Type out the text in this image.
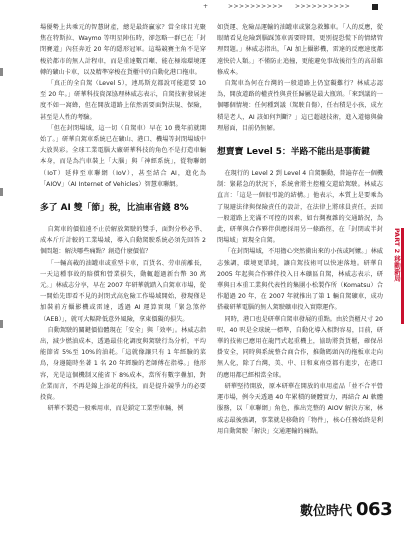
+	>>>>>>>>>> >>>>>>>>>>

場優勢上共乘元的智慧財產，總是最終贏家？當全球目光聚焦在特斯拉、Waymo 等明星陣伍時，卻忽略一群已在「封閉賽道」內狂奔近 20 年的隱形冠軍。這場競賽主角不是穿梭於都市的無人計程車，而是重達數百噸、能在極端環境運轉的礦山卡車，以及精準穿梭在貨櫃中的自動化港口拖車。

「真正的全自駕（Level 5），連馬斯克都說可能還要 10 至 20 年。」研華科技資深協理林威志表示，自駕技術發展速度不如一窩蜂，但在開放道路上依然需要面對法規、保險，甚至是人性的考驗。

「但在封閉場域，這一切（自駕車）早在 10 幾年前就開始了。」研華自駕車系統已在礦山、港口、機場等封閉場域中大放異彩。全球工業電腦大廠研華科技的角色不是打造車輛本身，而是為汽車裝上「大腦」與「神經系統」，從物聯網（IoT）延伸至車聯網（IoV），甚至結合 AI，進化為「AIOV」（AI Internet of Vehicles）智慧車聯網。

多了 AI 雙「節」稅，比油車省錢 8%

自駕車的價值遠不止於解放駕駛的雙手，面對分秒必爭、成本斤斤計較的工業場域，導入自動駕駛系統必須先回答 2 個問題：解決哪些痛點？創造什麼價值？

「一輛高載的油罐車或重型卡車，百貨名、劳車前離長，一天這種事故的賠償和營業損失，動輒超過新台幣 30 萬元。」林威志分享，早在 2007 年研華就踏入自駕車市場，從一開始先即看不見的封閉式高危險工作場域開始，發現僅是加裝前方攝影機或雷達，透過 AI 運算實現「緊急煞停（AEB）」，就可大幅降低意外風險，拿東價礙的損失。

自動駕駛的關鍵價值體現在「安全」與「效率」。林威志指出，減少燃油成本，透過最佳化調度與駕駛行為分析，平均能節省 5%至 10%的油耗。「這就像讓只有 1 年經驗的菜鳥，身邊隨時坐著 1 名 20 年經驗的老師傅在指導。」他形容，光是這個機制又能省下 8%成本，當所有數字疊加，對企業而言，不再是錦上添花的科技，而是提升競爭力的必要投資。

研華不製造一般乘用車，而是鎖定工業型車輛，例

如貨運、危險品運輸的油罐車或緊急救難車。「人的反應，從眼睛看見危險到腦踩煞車需要時間，更別提恐慌下的情緒管理問題。」林威志指出，「AI 加上攝影機，雷達的反應速度都遠快於人類。」不僅防止追撞，更能避免事故後衍生的高昂維修成本。

自駕車為何在台灣的一般道路上仍窒礙難行？林威志認為，開放道路的權責性與責任歸屬是最大瓶頸。「來到議的一個哪個情境：任何種到議（駕駛自傷），任右積是小孩，成左積是老人，AI 該如何判斷？」這已超越技術，進入道德與倫理層面，目前仍無解。

想賣寶 Level 5：半路不能出是事衝鍵

在現行的 Level 2 到 Level 4 自駕驅動，普遍存在一個機制：緊鬆急的狀況下，系統會將主控權交還給駕駛。林威志直言：「這是一個很弔詭的結構。」他表示，本質上是要乘為了規避法律與保險責任的設計，在法律上將球員責任，丟回一般道路上充滿不可控的因素，如台灣複雜的交通路況，為此，研華與合作夥伴供應採用另一條路徑，在「封閉或半封閉場域」實現全自駕。

「在封閉場域，不用擔心突然衝出來的小孩或阿嬤。」林威志強調，環境更單純，讓自駕技術可以快速落地。研華自 2005 年起與合作夥伴投入日本礦區自駕，林威志表示，研華與日本重工業與代表性的集團小松製作所（Komatsu）合作超過 20 年，在 2007 年就推出了第 1 輛自駕礦車，成功搭載研華電腦的無人駕駛礦車投入實際運作。

同時，港口也是研華自駕車發展的重點。由於貨櫃尺寸 20 呎、40 呎是全球統一標準，自動化導入相對容易，目前，研華的技術已應用在龍門式起重機上，協助將貨貨櫃，確保吊掛安全，同時與系統整合商合作，推動碼頭內的拖板車走向無人化，除了台灣，美、中、日和東南亞都有進步，在港口的應用都已經相當全球。

研華堅持開放，原本研華在開放的車用產品「並不合平營運市場，例今天透過 40 年累積的硬體實力，再結合 AI 軟體服務，以「車聯網」角色，推出完整的 AIOV 解決方案，林威志最後強調，事業就是移動的「物件」，核心任務始終是利用自動駕駛「解決」交通運輸的痛點。

PART 2 移動新局
數位時代 063
